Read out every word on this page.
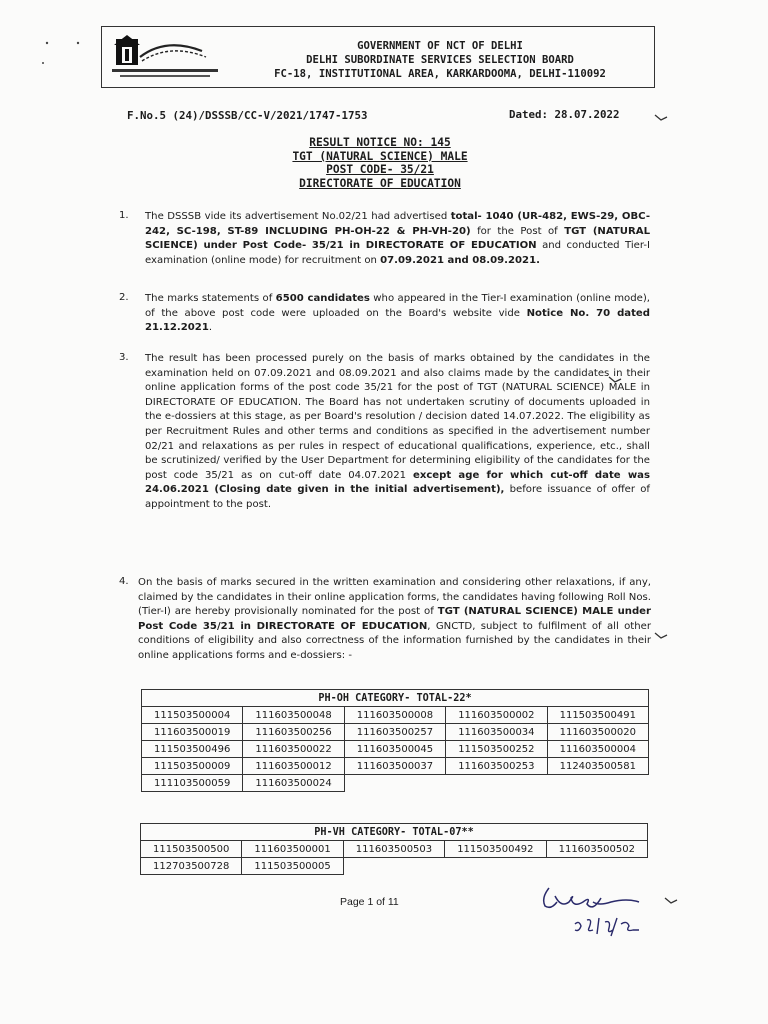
GOVERNMENT OF NCT OF DELHI
DELHI SUBORDINATE SERVICES SELECTION BOARD
FC-18, INSTITUTIONAL AREA, KARKARDOOMA, DELHI-110092
F.No.5 (24)/DSSSB/CC-V/2021/1747-1753	Dated: 28.07.2022
RESULT NOTICE NO: 145
TGT (NATURAL SCIENCE) MALE
POST CODE- 35/21
DIRECTORATE OF EDUCATION
1. The DSSSB vide its advertisement No.02/21 had advertised total- 1040 (UR-482, EWS-29, OBC-242, SC-198, ST-89 INCLUDING PH-OH-22 & PH-VH-20) for the Post of TGT (NATURAL SCIENCE) under Post Code- 35/21 in DIRECTORATE OF EDUCATION and conducted Tier-I examination (online mode) for recruitment on 07.09.2021 and 08.09.2021.
2. The marks statements of 6500 candidates who appeared in the Tier-I examination (online mode), of the above post code were uploaded on the Board's website vide Notice No. 70 dated 21.12.2021.
3. The result has been processed purely on the basis of marks obtained by the candidates in the examination held on 07.09.2021 and 08.09.2021 and also claims made by the candidates in their online application forms of the post code 35/21 for the post of TGT (NATURAL SCIENCE) MALE in DIRECTORATE OF EDUCATION. The Board has not undertaken scrutiny of documents uploaded in the e-dossiers at this stage, as per Board's resolution / decision dated 14.07.2022. The eligibility as per Recruitment Rules and other terms and conditions as specified in the advertisement number 02/21 and relaxations as per rules in respect of educational qualifications, experience, etc., shall be scrutinized/ verified by the User Department for determining eligibility of the candidates for the post code 35/21 as on cut-off date 04.07.2021 except age for which cut-off date was 24.06.2021 (Closing date given in the initial advertisement), before issuance of offer of appointment to the post.
4. On the basis of marks secured in the written examination and considering other relaxations, if any, claimed by the candidates in their online application forms, the candidates having following Roll Nos. (Tier-I) are hereby provisionally nominated for the post of TGT (NATURAL SCIENCE) MALE under Post Code 35/21 in DIRECTORATE OF EDUCATION, GNCTD, subject to fulfilment of all other conditions of eligibility and also correctness of the information furnished by the candidates in their online applications forms and e-dossiers: -
PH-OH CATEGORY- TOTAL-22*				
111503500004	111603500048	111603500008	111603500002	111503500491
111603500019	111603500256	111603500257	111603500034	111603500020
111503500496	111603500022	111603500045	111503500252	111603500004
111503500009	111603500012	111603500037	111603500253	112403500581
111103500059	111603500024			
PH-VH CATEGORY- TOTAL-07**				
111503500500	111603500001	111603500503	111503500492	111603500502
112703500728	111503500005			
Page 1 of 11
